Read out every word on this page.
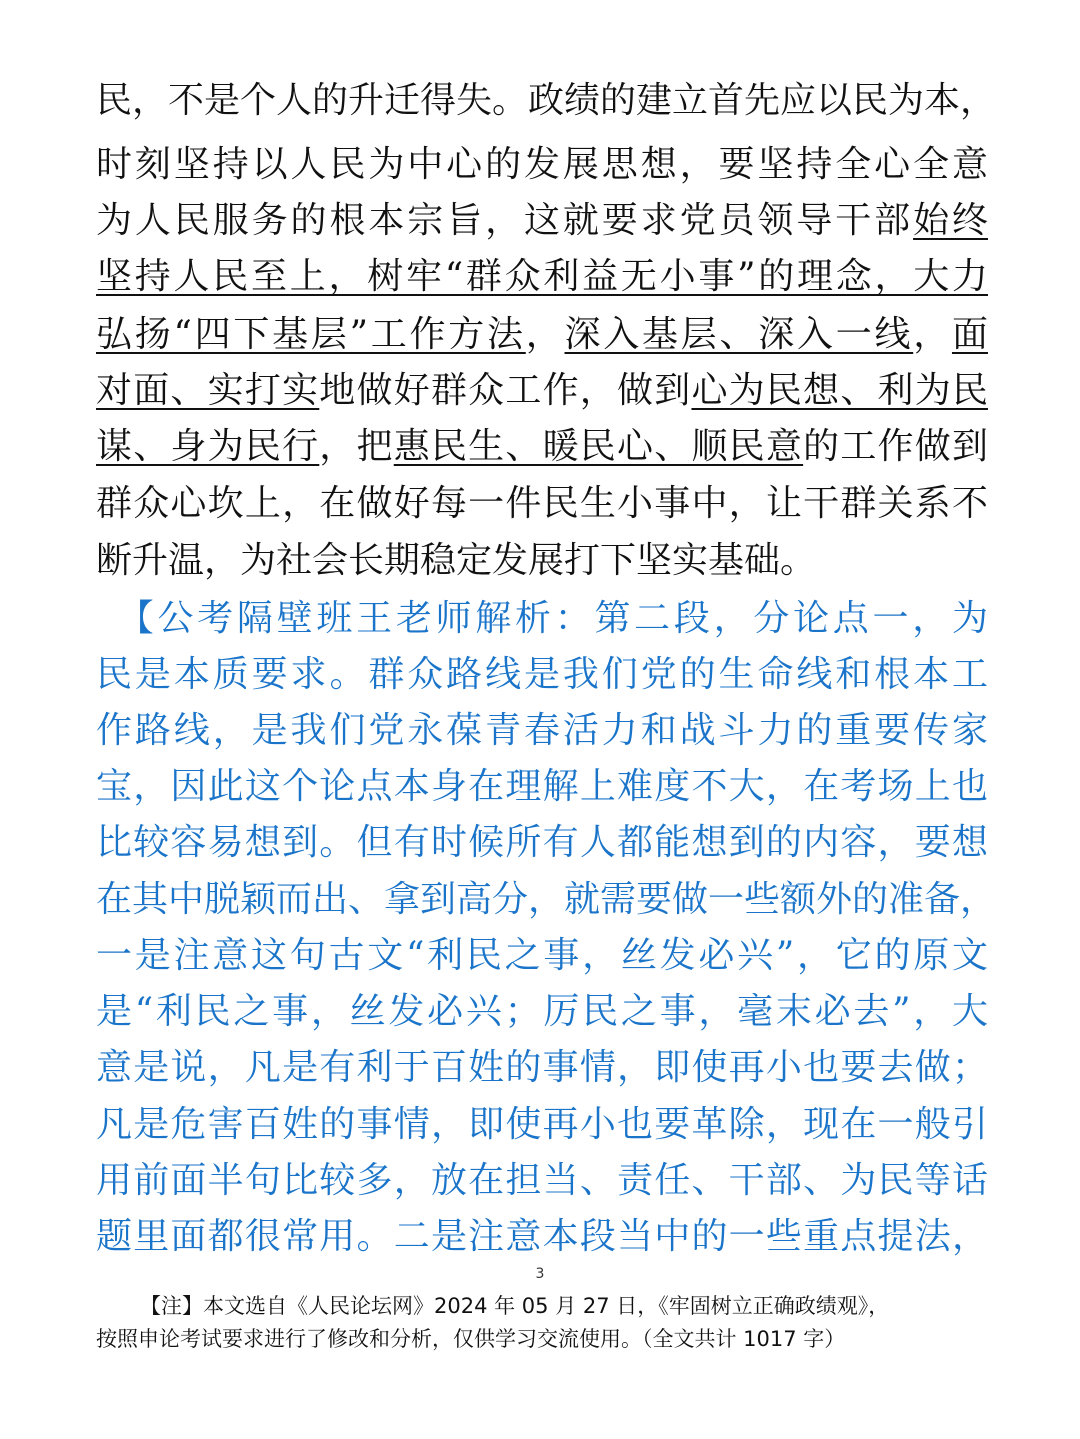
民，不是个人的升迁得失。政绩的建立首先应以民为本，
时刻坚持以人民为中心的发展思想，要坚持全心全意
为人民服务的根本宗旨，这就要求党员领导干部始终
坚持人民至上，树牢“群众利益无小事”的理念，大力
弘扬“四下基层”工作方法，深入基层、深入一线，面
对面、实打实地做好群众工作，做到心为民想、利为民
谋、身为民行，把惠民生、暖民心、顺民意的工作做到
群众心坎上，在做好每一件民生小事中，让干群关系不
断升温，为社会长期稳定发展打下坚实基础。
　【公考隔壁班王老师解析：第二段，分论点一，为
民是本质要求。群众路线是我们党的生命线和根本工
作路线，是我们党永葆青春活力和战斗力的重要传家
宝，因此这个论点本身在理解上难度不大，在考场上也
比较容易想到。但有时候所有人都能想到的内容，要想
在其中脱颖而出、拿到高分，就需要做一些额外的准备，
一是注意这句古文“利民之事，丝发必兴”，它的原文
是“利民之事，丝发必兴；厉民之事，毫末必去”，大
意是说，凡是有利于百姓的事情，即使再小也要去做；
凡是危害百姓的事情，即使再小也要革除，现在一般引
用前面半句比较多，放在担当、责任、干部、为民等话
题里面都很常用。二是注意本段当中的一些重点提法，
3
【注】本文选自《人民论坛网》2024 年 05 月 27 日，《牢固树立正确政绩观》，
按照申论考试要求进行了修改和分析，仅供学习交流使用。（全文共计 1017 字）
